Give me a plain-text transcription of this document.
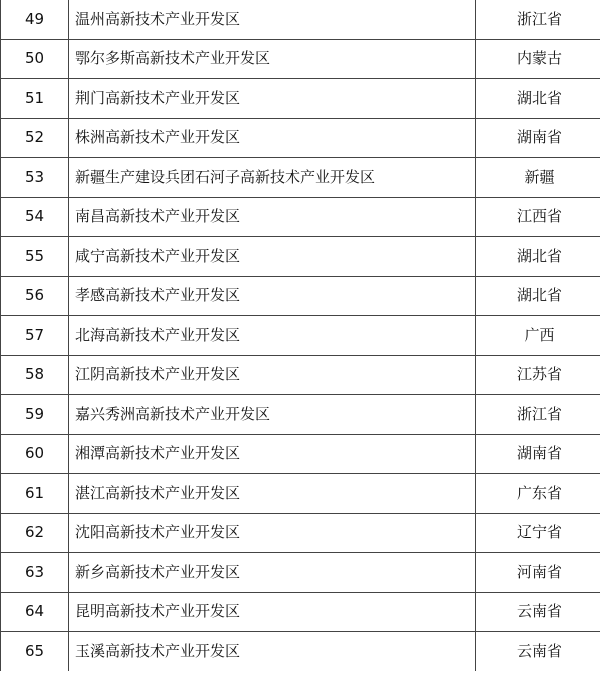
49	温州高新技术产业开发区	浙江省
50	鄂尔多斯高新技术产业开发区	内蒙古
51	荆门高新技术产业开发区	湖北省
52	株洲高新技术产业开发区	湖南省
53	新疆生产建设兵团石河子高新技术产业开发区	新疆
54	南昌高新技术产业开发区	江西省
55	咸宁高新技术产业开发区	湖北省
56	孝感高新技术产业开发区	湖北省
57	北海高新技术产业开发区	广西
58	江阴高新技术产业开发区	江苏省
59	嘉兴秀洲高新技术产业开发区	浙江省
60	湘潭高新技术产业开发区	湖南省
61	湛江高新技术产业开发区	广东省
62	沈阳高新技术产业开发区	辽宁省
63	新乡高新技术产业开发区	河南省
64	昆明高新技术产业开发区	云南省
65	玉溪高新技术产业开发区	云南省
